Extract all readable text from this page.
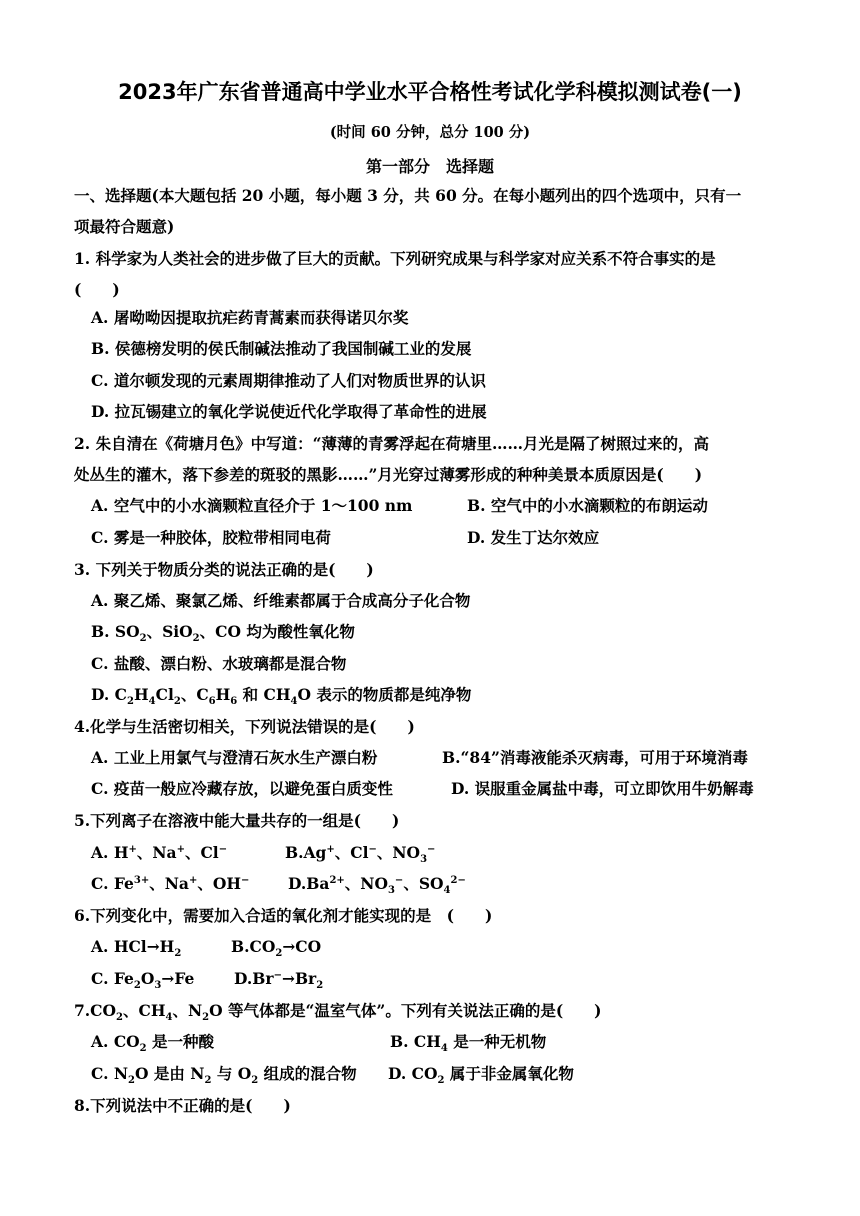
2023年广东省普通高中学业水平合格性考试化学科模拟测试卷(一)
(时间 60 分钟，总分 100 分)
第一部分　选择题
一、选择题(本大题包括 20 小题，每小题 3 分，共 60 分。在每小题列出的四个选项中，只有一
项最符合题意)
1. 科学家为人类社会的进步做了巨大的贡献。下列研究成果与科学家对应关系不符合事实的是
(　　)
A. 屠呦呦因提取抗疟药青蒿素而获得诺贝尔奖
B. 侯德榜发明的侯氏制碱法推动了我国制碱工业的发展
C. 道尔顿发现的元素周期律推动了人们对物质世界的认识
D. 拉瓦锡建立的氧化学说使近代化学取得了革命性的进展
2. 朱自清在《荷塘月色》中写道：“薄薄的青雾浮起在荷塘里……月光是隔了树照过来的，高
处丛生的灌木，落下参差的斑驳的黑影……”月光穿过薄雾形成的种种美景本质原因是(　　)
A. 空气中的小水滴颗粒直径介于 1～100 nm	B. 空气中的小水滴颗粒的布朗运动
C. 雾是一种胶体，胶粒带相同电荷	D. 发生丁达尔效应
3. 下列关于物质分类的说法正确的是(　　)
A. 聚乙烯、聚氯乙烯、纤维素都属于合成高分子化合物
B. $SO_2$、SiO$_2$、CO 均为酸性氧化物
C. 盐酸、漂白粉、水玻璃都是混合物
D. $C_2H_4Cl_2$、$C_6H_6$ 和 $CH_4O$ 表示的物质都是纯净物
4.化学与生活密切相关，下列说法错误的是(　　)
A. 工业上用氯气与澄清石灰水生产漂白粉	B.“84”消毒液能杀灭病毒，可用于环境消毒
C. 疫苗一般应冷藏存放，以避免蛋白质变性	D. 误服重金属盐中毒，可立即饮用牛奶解毒
5.下列离子在溶液中能大量共存的一组是(　　)
A. H+、Na+、Cl−	B.Ag+、Cl−、$NO_3^-$
C. $Fe^{3+}$、Na+、OH− $D.Ba^{2+}$、$NO_3^-$、$SO_4^{2-}$
6.下列变化中，需要加入合适的氧化剂才能实现的是　(　　)
A. $HCl\to H_2$	$B.CO_2\to CO$
C. $Fe_2O_3\to Fe$	$D.Br^-\to Br_2$
$7.CO_2$、$CH_4$、$N_2O$ 等气体都是“温室气体”。下列有关说法正确的是(　　)
A. $CO_2$ 是一种酸	B. $CH_4$ 是一种无机物
C. $N_2O$ 是由 $N_2$ 与 $O_2$ 组成的混合物 D. $CO_2$ 属于非金属氧化物
8.下列说法中不正确的是(　　)
